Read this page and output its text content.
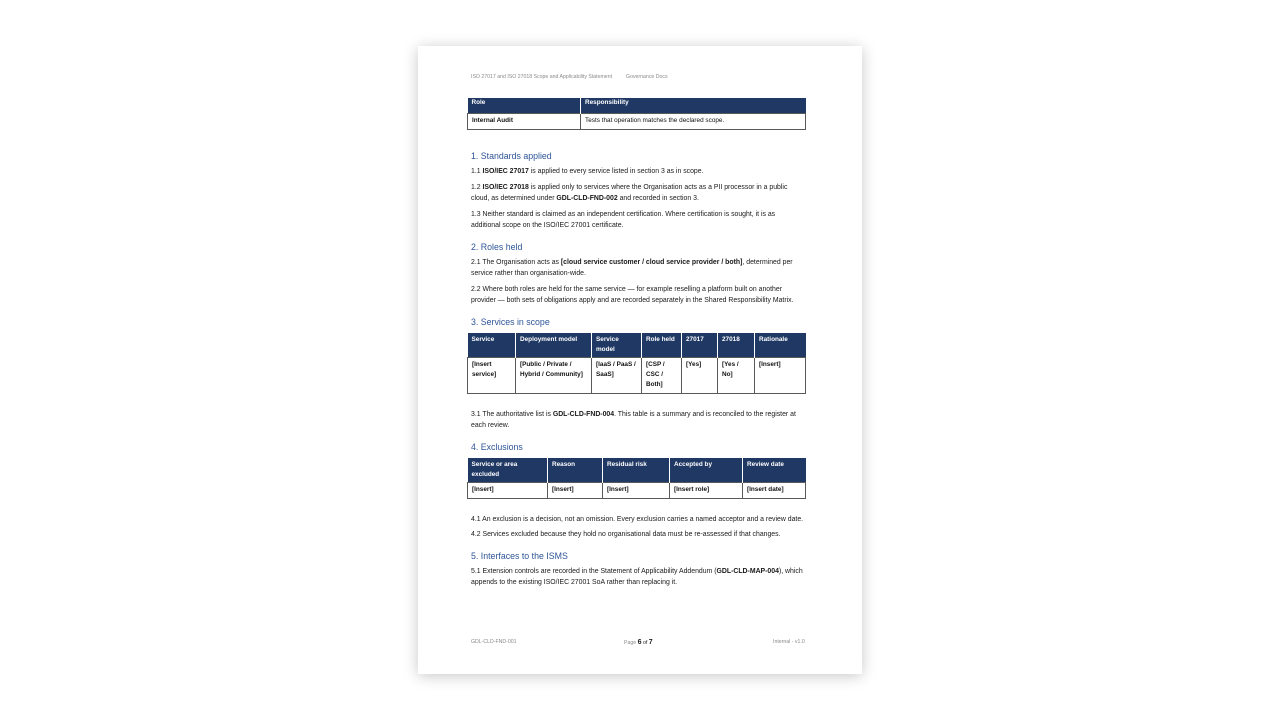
ISO 27017 and ISO 27018 Scope and Applicability Statement	Governance Docs
Role	Responsibility
Internal Audit	Tests that operation matches the declared scope.
1. Standards applied

1.1 ISO/IEC 27017 is applied to every service listed in section 3 as in scope.

1.2 ISO/IEC 27018 is applied only to services where the Organisation acts as a PII processor in a public cloud, as determined under GDL-CLD-FND-002 and recorded in section 3.

1.3 Neither standard is claimed as an independent certification. Where certification is sought, it is as additional scope on the ISO/IEC 27001 certificate.

2. Roles held

2.1 The Organisation acts as [cloud service customer / cloud service provider / both], determined per service rather than organisation-wide.

2.2 Where both roles are held for the same service — for example reselling a platform built on another provider — both sets of obligations apply and are recorded separately in the Shared Responsibility Matrix.

3. Services in scope
Service	Deployment model	Service model	Role held	27017	27018	Rationale
[Insert service]	[Public / Private / Hybrid / Community]	[IaaS / PaaS / SaaS]	[CSP / CSC / Both]	[Yes]	[Yes / No]	[Insert]

3.1 The authoritative list is GDL-CLD-FND-004. This table is a summary and is reconciled to the register at each review.

4. Exclusions
Service or area excluded	Reason	Residual risk	Accepted by	Review date
[Insert]	[Insert]	[Insert]	[Insert role]	[Insert date]

4.1 An exclusion is a decision, not an omission. Every exclusion carries a named acceptor and a review date.

4.2 Services excluded because they hold no organisational data must be re-assessed if that changes.

5. Interfaces to the ISMS

5.1 Extension controls are recorded in the Statement of Applicability Addendum (GDL-CLD-MAP-004), which appends to the existing ISO/IEC 27001 SoA rather than replacing it.

GDL-CLD-FND-001	Page 6 of 7	Internal - v1.0
